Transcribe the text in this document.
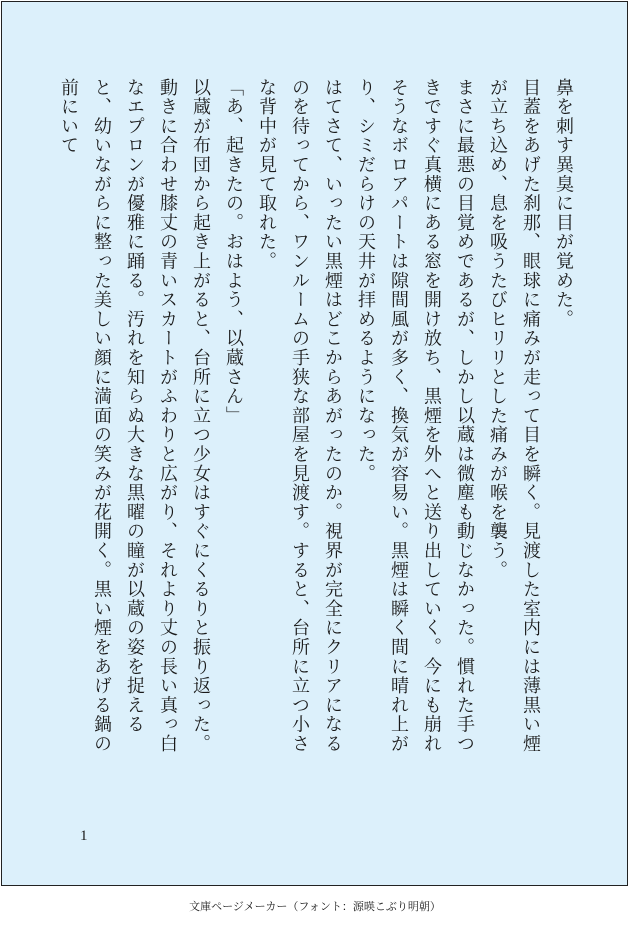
鼻を刺す異臭に目が覚めた。

目蓋をあげた刹那、眼球に痛みが走って目を瞬く。見渡した室内には薄黒い煙が立ち込め、息を吸うたびヒリリとした痛みが喉を襲う。

まさに最悪の目覚めであるが、しかし以蔵は微塵も動じなかった。慣れた手つきですぐ真横にある窓を開け放ち、黒煙を外へと送り出していく。今にも崩れそうなボロアパートは隙間風が多く、換気が容易い。黒煙は瞬く間に晴れ上がり、シミだらけの天井が拝めるようになった。

はてさて、いったい黒煙はどこからあがったのか。視界が完全にクリアになるのを待ってから、ワンルームの手狭な部屋を見渡す。すると、台所に立つ小さな背中が見て取れた。

「あ、起きたの。おはよう、以蔵さん」

以蔵が布団から起き上がると、台所に立つ少女はすぐにくるりと振り返った。動きに合わせ膝丈の青いスカートがふわりと広がり、それより丈の長い真っ白なエプロンが優雅に踊る。汚れを知らぬ大きな黒曜の瞳が以蔵の姿を捉えると、幼いながらに整った美しい顔に満面の笑みが花開く。黒い煙をあげる鍋の前にいて

1
文庫ページメーカー（フォント：源暎こぶり明朝）
